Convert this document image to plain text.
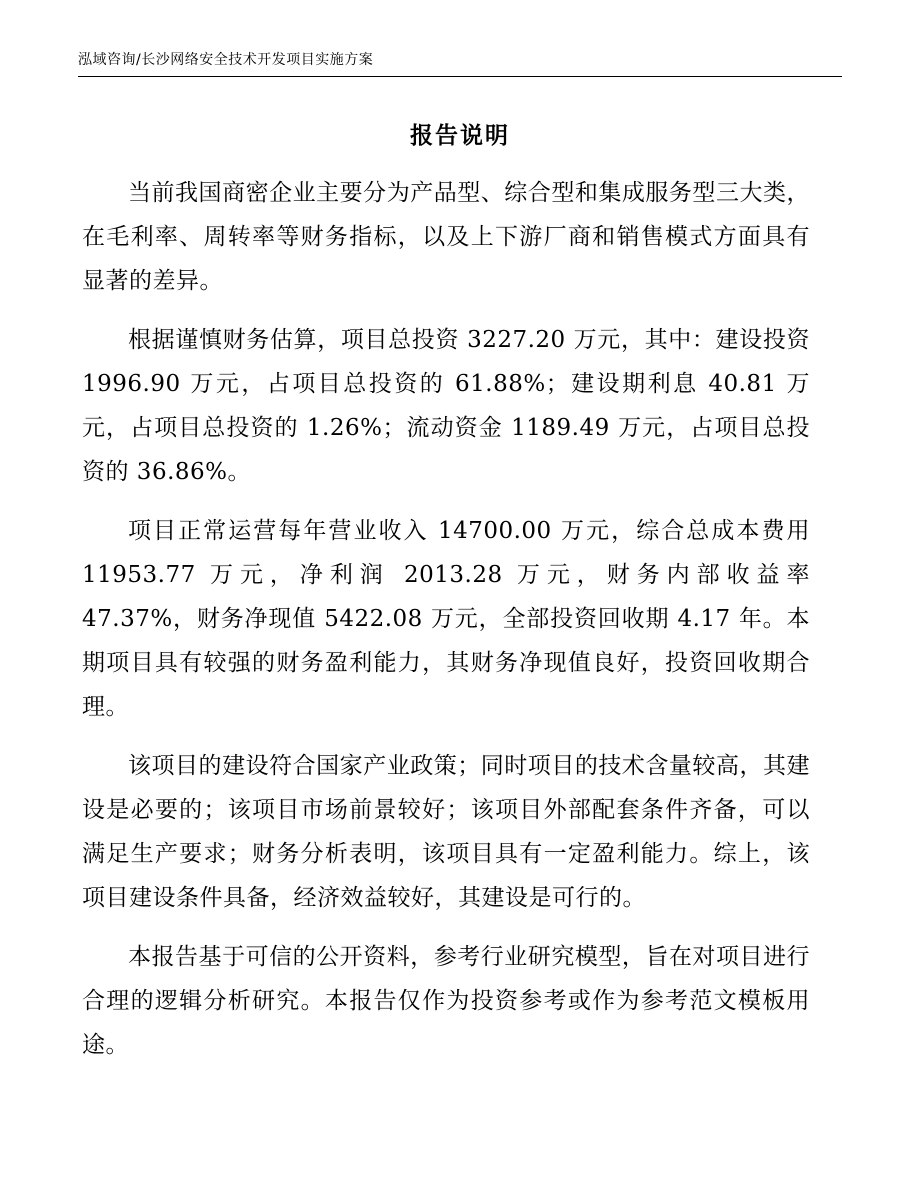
泓域咨询/长沙网络安全技术开发项目实施方案
报告说明

当前我国商密企业主要分为产品型、综合型和集成服务型三大类，在毛利率、周转率等财务指标，以及上下游厂商和销售模式方面具有显著的差异。

根据谨慎财务估算，项目总投资 3227.20 万元，其中：建设投资 1996.90 万元，占项目总投资的 61.88%；建设期利息 40.81 万元，占项目总投资的 1.26%；流动资金 1189.49 万元，占项目总投资的 36.86%。

项目正常运营每年营业收入 14700.00 万元，综合总成本费用 11953.77 万元，净利润 2013.28 万元，财务内部收益率 47.37%，财务净现值 5422.08 万元，全部投资回收期 4.17 年。本期项目具有较强的财务盈利能力，其财务净现值良好，投资回收期合理。

该项目的建设符合国家产业政策；同时项目的技术含量较高，其建设是必要的；该项目市场前景较好；该项目外部配套条件齐备，可以满足生产要求；财务分析表明，该项目具有一定盈利能力。综上，该项目建设条件具备，经济效益较好，其建设是可行的。

本报告基于可信的公开资料，参考行业研究模型，旨在对项目进行合理的逻辑分析研究。本报告仅作为投资参考或作为参考范文模板用途。
